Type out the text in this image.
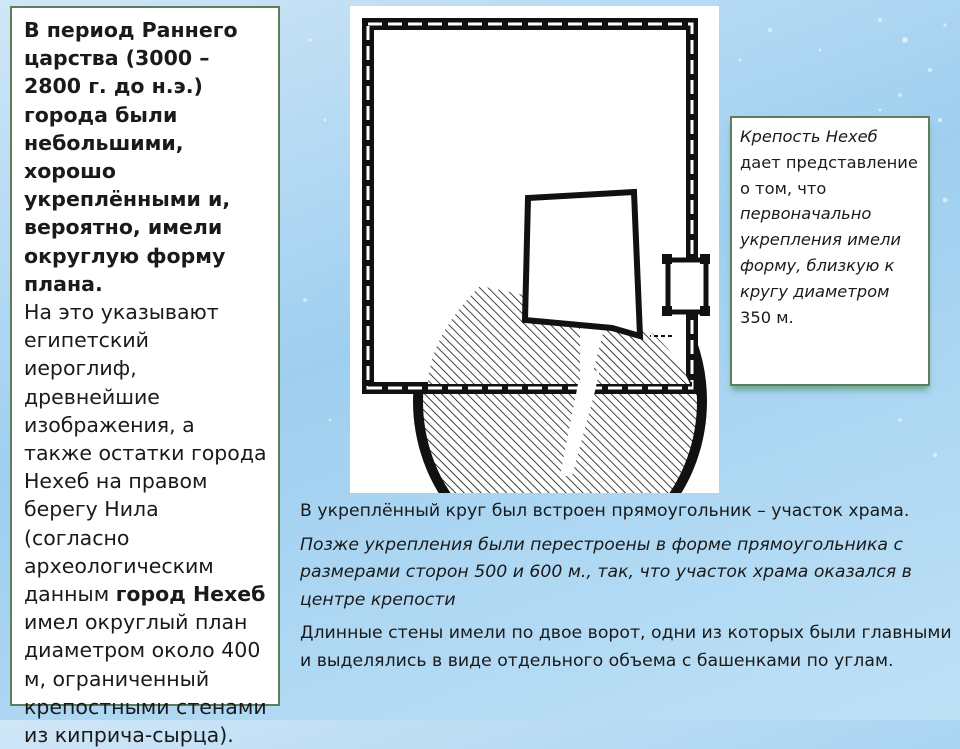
В период Раннего царства (3000 – 2800 г. до н.э.) города были небольшими, хорошо укреплёнными и, вероятно, имели округлую форму плана.

На это указывают египетский иероглиф, древнейшие изображения, а также остатки города Нехеб на правом берегу Нила (согласно археологическим данным город Нехеб имел округлый план диаметром около 400 м, ограниченный крепостными стенами из киприча-сырца).

Крепость Нехеб дает представление о том, что первоначально укрепления имели форму, близкую к кругу диаметром 350 м.

В укреплённый круг был встроен прямоугольник – участок храма.

Позже укрепления были перестроены в форме прямоугольника с размерами сторон 500 и 600 м., так, что участок храма оказался в центре крепости

Длинные стены имели по двое ворот, одни из которых были главными и выделялись в виде отдельного объема с башенками по углам.
